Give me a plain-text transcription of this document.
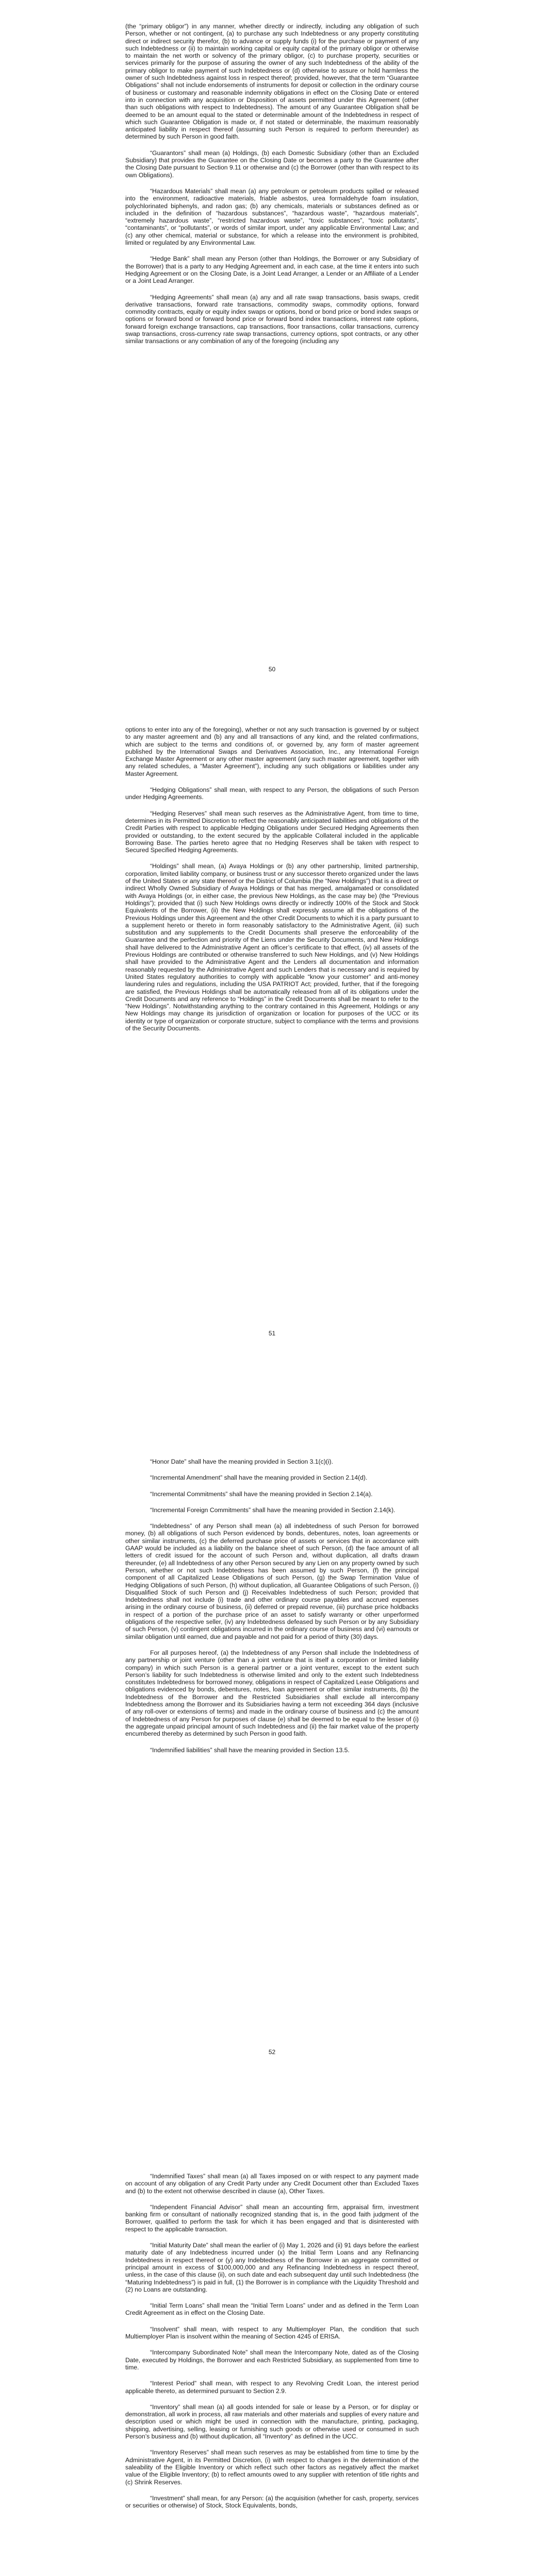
(the “primary obligor”) in any manner, whether directly or indirectly, including any obligation of such Person, whether or not contingent, (a) to purchase any such Indebtedness or any property constituting direct or indirect security therefor, (b) to advance or supply funds (i) for the purchase or payment of any such Indebtedness or (ii) to maintain working capital or equity capital of the primary obligor or otherwise to maintain the net worth or solvency of the primary obligor, (c) to purchase property, securities or services primarily for the purpose of assuring the owner of any such Indebtedness of the ability of the primary obligor to make payment of such Indebtedness or (d) otherwise to assure or hold harmless the owner of such Indebtedness against loss in respect thereof; provided, however, that the term “Guarantee Obligations” shall not include endorsements of instruments for deposit or collection in the ordinary course of business or customary and reasonable indemnity obligations in effect on the Closing Date or entered into in connection with any acquisition or Disposition of assets permitted under this Agreement (other than such obligations with respect to Indebtedness). The amount of any Guarantee Obligation shall be deemed to be an amount equal to the stated or determinable amount of the Indebtedness in respect of which such Guarantee Obligation is made or, if not stated or determinable, the maximum reasonably anticipated liability in respect thereof (assuming such Person is required to perform thereunder) as determined by such Person in good faith.

“Guarantors” shall mean (a) Holdings, (b) each Domestic Subsidiary (other than an Excluded Subsidiary) that provides the Guarantee on the Closing Date or becomes a party to the Guarantee after the Closing Date pursuant to Section 9.11 or otherwise and (c) the Borrower (other than with respect to its own Obligations).

“Hazardous Materials” shall mean (a) any petroleum or petroleum products spilled or released into the environment, radioactive materials, friable asbestos, urea formaldehyde foam insulation, polychlorinated biphenyls, and radon gas; (b) any chemicals, materials or substances defined as or included in the definition of “hazardous substances”, “hazardous waste”, “hazardous materials”, “extremely hazardous waste”, “restricted hazardous waste”, “toxic substances”, “toxic pollutants”, “contaminants”, or “pollutants”, or words of similar import, under any applicable Environmental Law; and (c) any other chemical, material or substance, for which a release into the environment is prohibited, limited or regulated by any Environmental Law.

“Hedge Bank” shall mean any Person (other than Holdings, the Borrower or any Subsidiary of the Borrower) that is a party to any Hedging Agreement and, in each case, at the time it enters into such Hedging Agreement or on the Closing Date, is a Joint Lead Arranger, a Lender or an Affiliate of a Lender or a Joint Lead Arranger.

“Hedging Agreements” shall mean (a) any and all rate swap transactions, basis swaps, credit derivative transactions, forward rate transactions, commodity swaps, commodity options, forward commodity contracts, equity or equity index swaps or options, bond or bond price or bond index swaps or options or forward bond or forward bond price or forward bond index transactions, interest rate options, forward foreign exchange transactions, cap transactions, floor transactions, collar transactions, currency swap transactions, cross-currency rate swap transactions, currency options, spot contracts, or any other similar transactions or any combination of any of the foregoing (including any

50

options to enter into any of the foregoing), whether or not any such transaction is governed by or subject to any master agreement and (b) any and all transactions of any kind, and the related confirmations, which are subject to the terms and conditions of, or governed by, any form of master agreement published by the International Swaps and Derivatives Association, Inc., any International Foreign Exchange Master Agreement or any other master agreement (any such master agreement, together with any related schedules, a “Master Agreement”), including any such obligations or liabilities under any Master Agreement.

“Hedging Obligations” shall mean, with respect to any Person, the obligations of such Person under Hedging Agreements.

“Hedging Reserves” shall mean such reserves as the Administrative Agent, from time to time, determines in its Permitted Discretion to reflect the reasonably anticipated liabilities and obligations of the Credit Parties with respect to applicable Hedging Obligations under Secured Hedging Agreements then provided or outstanding, to the extent secured by the applicable Collateral included in the applicable Borrowing Base. The parties hereto agree that no Hedging Reserves shall be taken with respect to Secured Specified Hedging Agreements.

“Holdings” shall mean, (a) Avaya Holdings or (b) any other partnership, limited partnership, corporation, limited liability company, or business trust or any successor thereto organized under the laws of the United States or any state thereof or the District of Columbia (the “New Holdings”) that is a direct or indirect Wholly Owned Subsidiary of Avaya Holdings or that has merged, amalgamated or consolidated with Avaya Holdings (or, in either case, the previous New Holdings, as the case may be) (the “Previous Holdings”); provided that (i) such New Holdings owns directly or indirectly 100% of the Stock and Stock Equivalents of the Borrower, (ii) the New Holdings shall expressly assume all the obligations of the Previous Holdings under this Agreement and the other Credit Documents to which it is a party pursuant to a supplement hereto or thereto in form reasonably satisfactory to the Administrative Agent, (iii) such substitution and any supplements to the Credit Documents shall preserve the enforceability of the Guarantee and the perfection and priority of the Liens under the Security Documents, and New Holdings shall have delivered to the Administrative Agent an officer’s certificate to that effect, (iv) all assets of the Previous Holdings are contributed or otherwise transferred to such New Holdings, and (v) New Holdings shall have provided to the Administrative Agent and the Lenders all documentation and information reasonably requested by the Administrative Agent and such Lenders that is necessary and is required by United States regulatory authorities to comply with applicable “know your customer” and anti-money laundering rules and regulations, including the USA PATRIOT Act; provided, further, that if the foregoing are satisfied, the Previous Holdings shall be automatically released from all of its obligations under the Credit Documents and any reference to “Holdings” in the Credit Documents shall be meant to refer to the “New Holdings”. Notwithstanding anything to the contrary contained in this Agreement, Holdings or any New Holdings may change its jurisdiction of organization or location for purposes of the UCC or its identity or type of organization or corporate structure, subject to compliance with the terms and provisions of the Security Documents.

51

“Honor Date” shall have the meaning provided in Section 3.1(c)(i).

“Incremental Amendment” shall have the meaning provided in Section 2.14(d).

“Incremental Commitments” shall have the meaning provided in Section 2.14(a).

“Incremental Foreign Commitments” shall have the meaning provided in Section 2.14(k).

“Indebtedness” of any Person shall mean (a) all indebtedness of such Person for borrowed money, (b) all obligations of such Person evidenced by bonds, debentures, notes, loan agreements or other similar instruments, (c) the deferred purchase price of assets or services that in accordance with GAAP would be included as a liability on the balance sheet of such Person, (d) the face amount of all letters of credit issued for the account of such Person and, without duplication, all drafts drawn thereunder, (e) all Indebtedness of any other Person secured by any Lien on any property owned by such Person, whether or not such Indebtedness has been assumed by such Person, (f) the principal component of all Capitalized Lease Obligations of such Person, (g) the Swap Termination Value of Hedging Obligations of such Person, (h) without duplication, all Guarantee Obligations of such Person, (i) Disqualified Stock of such Person and (j) Receivables Indebtedness of such Person; provided that Indebtedness shall not include (i) trade and other ordinary course payables and accrued expenses arising in the ordinary course of business, (ii) deferred or prepaid revenue, (iii) purchase price holdbacks in respect of a portion of the purchase price of an asset to satisfy warranty or other unperformed obligations of the respective seller, (iv) any Indebtedness defeased by such Person or by any Subsidiary of such Person, (v) contingent obligations incurred in the ordinary course of business and (vi) earnouts or similar obligation until earned, due and payable and not paid for a period of thirty (30) days.

For all purposes hereof, (a) the Indebtedness of any Person shall include the Indebtedness of any partnership or joint venture (other than a joint venture that is itself a corporation or limited liability company) in which such Person is a general partner or a joint venturer, except to the extent such Person’s liability for such Indebtedness is otherwise limited and only to the extent such Indebtedness constitutes Indebtedness for borrowed money, obligations in respect of Capitalized Lease Obligations and obligations evidenced by bonds, debentures, notes, loan agreement or other similar instruments, (b) the Indebtedness of the Borrower and the Restricted Subsidiaries shall exclude all intercompany Indebtedness among the Borrower and its Subsidiaries having a term not exceeding 364 days (inclusive of any roll-over or extensions of terms) and made in the ordinary course of business and (c) the amount of Indebtedness of any Person for purposes of clause (e) shall be deemed to be equal to the lesser of (i) the aggregate unpaid principal amount of such Indebtedness and (ii) the fair market value of the property encumbered thereby as determined by such Person in good faith.

“Indemnified liabilities” shall have the meaning provided in Section 13.5.

52

“Indemnified Taxes” shall mean (a) all Taxes imposed on or with respect to any payment made on account of any obligation of any Credit Party under any Credit Document other than Excluded Taxes and (b) to the extent not otherwise described in clause (a), Other Taxes.

“Independent Financial Advisor” shall mean an accounting firm, appraisal firm, investment banking firm or consultant of nationally recognized standing that is, in the good faith judgment of the Borrower, qualified to perform the task for which it has been engaged and that is disinterested with respect to the applicable transaction.

“Initial Maturity Date” shall mean the earlier of (i) May 1, 2026 and (ii) 91 days before the earliest maturity date of any Indebtedness incurred under (x) the Initial Term Loans and any Refinancing Indebtedness in respect thereof or (y) any Indebtedness of the Borrower in an aggregate committed or principal amount in excess of $100,000,000 and any Refinancing Indebtedness in respect thereof, unless, in the case of this clause (ii), on such date and each subsequent day until such Indebtedness (the “Maturing Indebtedness”) is paid in full, (1) the Borrower is in compliance with the Liquidity Threshold and (2) no Loans are outstanding.

“Initial Term Loans” shall mean the “Initial Term Loans” under and as defined in the Term Loan Credit Agreement as in effect on the Closing Date.

“Insolvent” shall mean, with respect to any Multiemployer Plan, the condition that such Multiemployer Plan is insolvent within the meaning of Section 4245 of ERISA.

“Intercompany Subordinated Note” shall mean the Intercompany Note, dated as of the Closing Date, executed by Holdings, the Borrower and each Restricted Subsidiary, as supplemented from time to time.

“Interest Period” shall mean, with respect to any Revolving Credit Loan, the interest period applicable thereto, as determined pursuant to Section 2.9.

“Inventory” shall mean (a) all goods intended for sale or lease by a Person, or for display or demonstration, all work in process, all raw materials and other materials and supplies of every nature and description used or which might be used in connection with the manufacture, printing, packaging, shipping, advertising, selling, leasing or furnishing such goods or otherwise used or consumed in such Person’s business and (b) without duplication, all “Inventory” as defined in the UCC.

“Inventory Reserves” shall mean such reserves as may be established from time to time by the Administrative Agent, in its Permitted Discretion, (i) with respect to changes in the determination of the saleability of the Eligible Inventory or which reflect such other factors as negatively affect the market value of the Eligible Inventory; (b) to reflect amounts owed to any supplier with retention of title rights and (c) Shrink Reserves.

“Investment” shall mean, for any Person: (a) the acquisition (whether for cash, property, services or securities or otherwise) of Stock, Stock Equivalents, bonds,
